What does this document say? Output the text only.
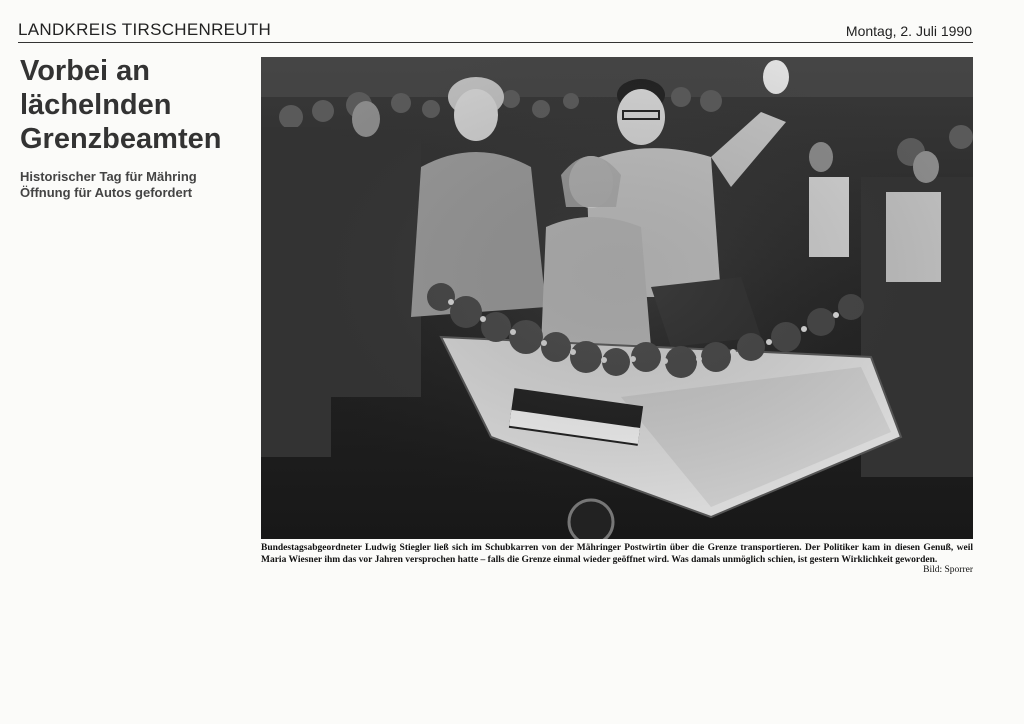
LANDKREIS TIRSCHENREUTH	Montag, 2. Juli 1990
Vorbei an
lächelnden
Grenzbeamten
Historischer Tag für Mähring
Öffnung für Autos gefordert
Bundestagsabgeordneter Ludwig Stiegler ließ sich im Schubkarren von der Mähringer Postwirtin über die Grenze transportieren. Der Politiker kam in diesen Genuß, weil Maria Wiesner ihm das vor Jahren versprochen hatte – falls die Grenze einmal wieder geöffnet wird. Was damals unmöglich schien, ist gestern Wirklichkeit geworden.
Bild: Sporrer
